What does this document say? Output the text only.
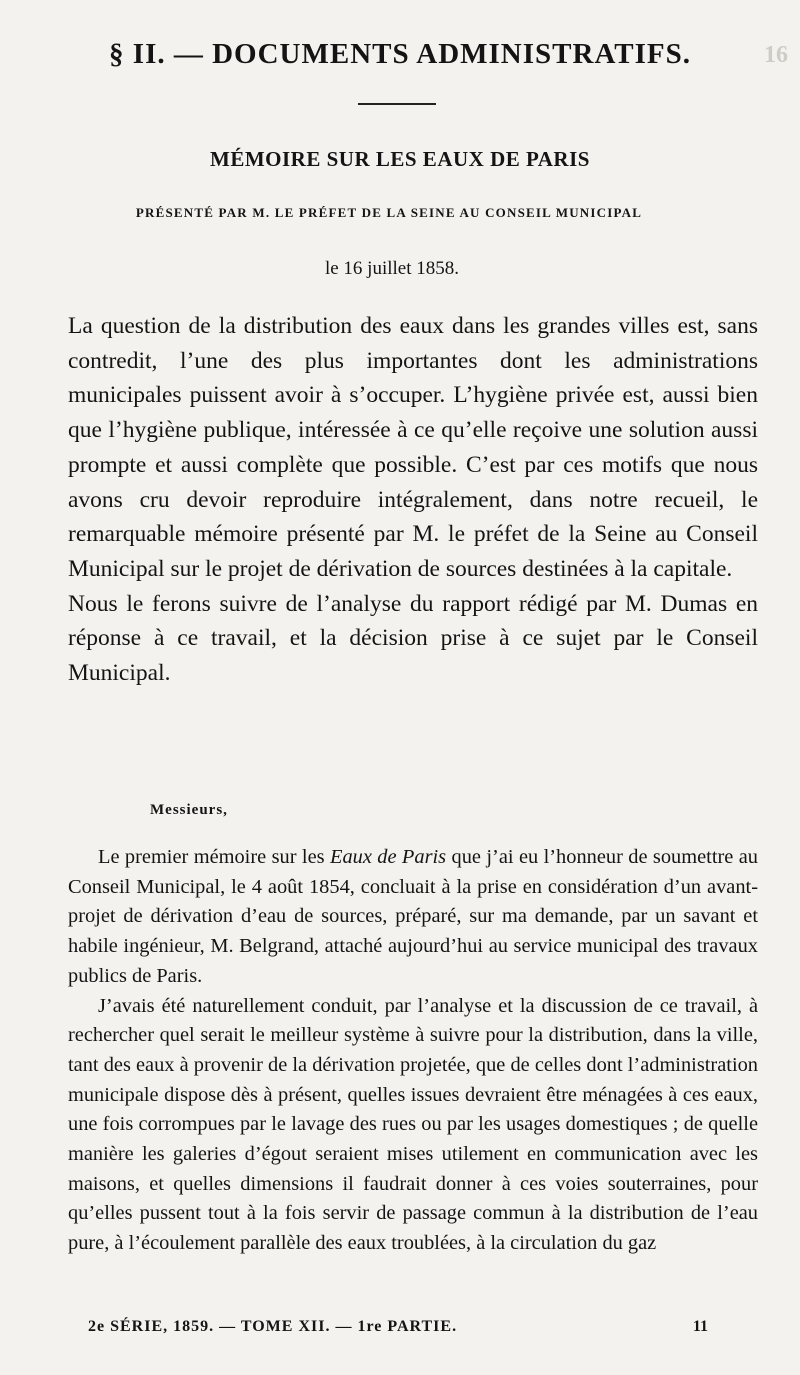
§ II. — DOCUMENTS ADMINISTRATIFS.	16
MÉMOIRE SUR LES EAUX DE PARIS
PRÉSENTÉ PAR M. LE PRÉFET DE LA SEINE AU CONSEIL MUNICIPAL
le 16 juillet 1858.

La question de la distribution des eaux dans les grandes villes est, sans contredit, l’une des plus importantes dont les administrations municipales puissent avoir à s’occuper. L’hygiène privée est, aussi bien que l’hygiène publique, intéressée à ce qu’elle reçoive une solution aussi prompte et aussi complète que possible. C’est par ces motifs que nous avons cru devoir reproduire intégralement, dans notre recueil, le remarquable mémoire présenté par M. le préfet de la Seine au Conseil Municipal sur le projet de dérivation de sources destinées à la capitale.

Nous le ferons suivre de l’analyse du rapport rédigé par M. Dumas en réponse à ce travail, et la décision prise à ce sujet par le Conseil Municipal.

Messieurs,

Le premier mémoire sur les Eaux de Paris que j’ai eu l’honneur de soumettre au Conseil Municipal, le 4 août 1854, concluait à la prise en considération d’un avant-projet de dérivation d’eau de sources, préparé, sur ma demande, par un savant et habile ingénieur, M. Belgrand, attaché aujourd’hui au service municipal des travaux publics de Paris.

J’avais été naturellement conduit, par l’analyse et la discussion de ce travail, à rechercher quel serait le meilleur système à suivre pour la distribution, dans la ville, tant des eaux à provenir de la dérivation projetée, que de celles dont l’administration municipale dispose dès à présent, quelles issues devraient être ménagées à ces eaux, une fois corrompues par le lavage des rues ou par les usages domestiques ; de quelle manière les galeries d’égout seraient mises utilement en communication avec les maisons, et quelles dimensions il faudrait donner à ces voies souterraines, pour qu’elles pussent tout à la fois servir de passage commun à la distribution de l’eau pure, à l’écoulement parallèle des eaux troublées, à la circulation du gaz

2e SÉRIE, 1859. — TOME XII. — 1re PARTIE.	11
